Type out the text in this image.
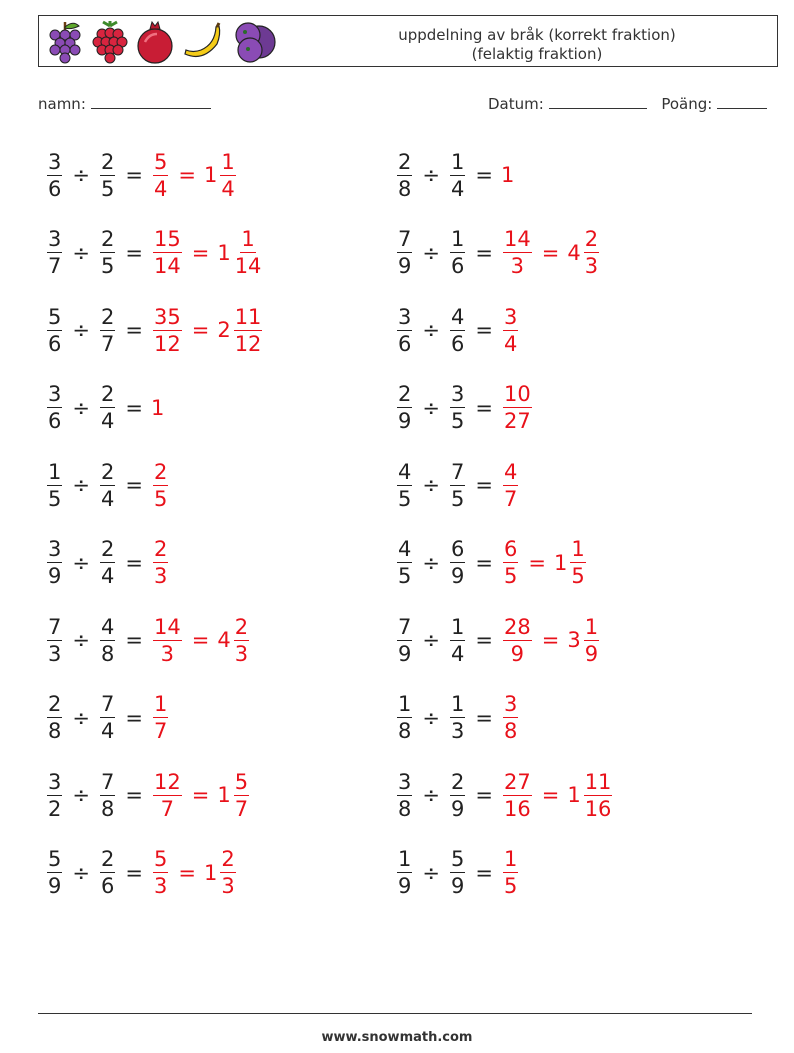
uppdelning av bråk (korrekt fraktion)
(felaktig fraktion)
namn:	Datum:	Poäng:
$\frac{3}{6} \div \frac{2}{5} = \frac{5}{4} = 1 \frac{1}{4}$	$\frac{2}{8} \div \frac{1}{4} = 1$
$\frac{3}{7} \div \frac{2}{5} = \frac{15}{14} = 1 \frac{1}{14}$	$\frac{7}{9} \div \frac{1}{6} = \frac{14}{3} = 4 \frac{2}{3}$
$\frac{5}{6} \div \frac{2}{7} = \frac{35}{12} = 2 \frac{11}{12}$	$\frac{3}{6} \div \frac{4}{6} = \frac{3}{4}$
$\frac{3}{6} \div \frac{2}{4} = 1$	$\frac{2}{9} \div \frac{3}{5} = \frac{10}{27}$
$\frac{1}{5} \div \frac{2}{4} = \frac{2}{5}$	$\frac{4}{5} \div \frac{7}{5} = \frac{4}{7}$
$\frac{3}{9} \div \frac{2}{4} = \frac{2}{3}$	$\frac{4}{5} \div \frac{6}{9} = \frac{6}{5} = 1 \frac{1}{5}$
$\frac{7}{3} \div \frac{4}{8} = \frac{14}{3} = 4 \frac{2}{3}$	$\frac{7}{9} \div \frac{1}{4} = \frac{28}{9} = 3 \frac{1}{9}$
$\frac{2}{8} \div \frac{7}{4} = \frac{1}{7}$	$\frac{1}{8} \div \frac{1}{3} = \frac{3}{8}$
$\frac{3}{2} \div \frac{7}{8} = \frac{12}{7} = 1 \frac{5}{7}$	$\frac{3}{8} \div \frac{2}{9} = \frac{27}{16} = 1 \frac{11}{16}$
$\frac{5}{9} \div \frac{2}{6} = \frac{5}{3} = 1 \frac{2}{3}$	$\frac{1}{9} \div \frac{5}{9} = \frac{1}{5}$
www.snowmath.com
